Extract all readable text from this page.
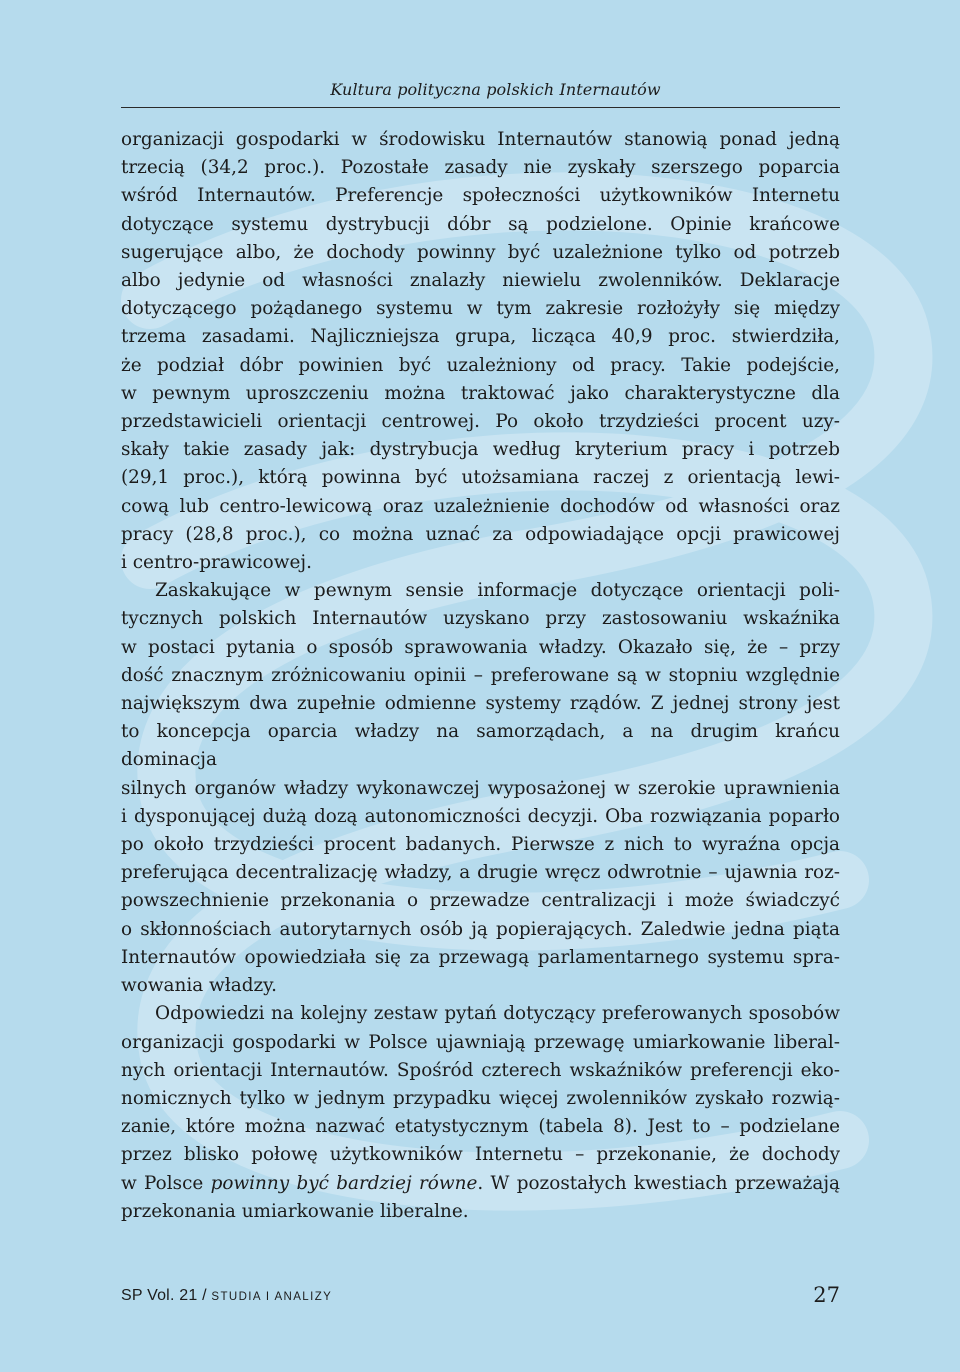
Kultura polityczna polskich Internautów

organizacji gospodarki w środowisku Internautów stanowią ponad jedną
trzecią (34,2 proc.). Pozostałe zasady nie zyskały szerszego poparcia
wśród Internautów. Preferencje społeczności użytkowników Internetu
dotyczące systemu dystrybucji dóbr są podzielone. Opinie krańcowe
sugerujące albo, że dochody powinny być uzależnione tylko od potrzeb
albo jedynie od własności znalazły niewielu zwolenników. Deklaracje
dotyczącego pożądanego systemu w tym zakresie rozłożyły się między
trzema zasadami. Najliczniejsza grupa, licząca 40,9 proc. stwierdziła,
że podział dóbr powinien być uzależniony od pracy. Takie podejście,
w pewnym uproszczeniu można traktować jako charakterystyczne dla
przedstawicieli orientacji centrowej. Po około trzydzieści procent uzy-
skały takie zasady jak: dystrybucja według kryterium pracy i potrzeb
(29,1 proc.), którą powinna być utożsamiana raczej z orientacją lewi-
cową lub centro-lewicową oraz uzależnienie dochodów od własności oraz
pracy (28,8 proc.), co można uznać za odpowiadające opcji prawicowej
i centro-prawicowej.

Zaskakujące w pewnym sensie informacje dotyczące orientacji poli-
tycznych polskich Internautów uzyskano przy zastosowaniu wskaźnika
w postaci pytania o sposób sprawowania władzy. Okazało się, że – przy
dość znacznym zróżnicowaniu opinii – preferowane są w stopniu względnie
największym dwa zupełnie odmienne systemy rządów. Z jednej strony jest
to koncepcja oparcia władzy na samorządach, a na drugim krańcu dominacja
silnych organów władzy wykonawczej wyposażonej w szerokie uprawnienia
i dysponującej dużą dozą autonomiczności decyzji. Oba rozwiązania poparło
po około trzydzieści procent badanych. Pierwsze z nich to wyraźna opcja
preferująca decentralizację władzy, a drugie wręcz odwrotnie – ujawnia roz-
powszechnienie przekonania o przewadze centralizacji i może świadczyć
o skłonnościach autorytarnych osób ją popierających. Zaledwie jedna piąta
Internautów opowiedziała się za przewagą parlamentarnego systemu spra-
wowania władzy.

Odpowiedzi na kolejny zestaw pytań dotyczący preferowanych sposobów
organizacji gospodarki w Polsce ujawniają przewagę umiarkowanie liberal-
nych orientacji Internautów. Spośród czterech wskaźników preferencji eko-
nomicznych tylko w jednym przypadku więcej zwolenników zyskało rozwią-
zanie, które można nazwać etatystycznym (tabela 8). Jest to – podzielane
przez blisko połowę użytkowników Internetu – przekonanie, że dochody
w Polsce powinny być bardziej równe. W pozostałych kwestiach przeważają
przekonania umiarkowanie liberalne.

SP Vol. 21 / STUDIA I ANALIZY	27
